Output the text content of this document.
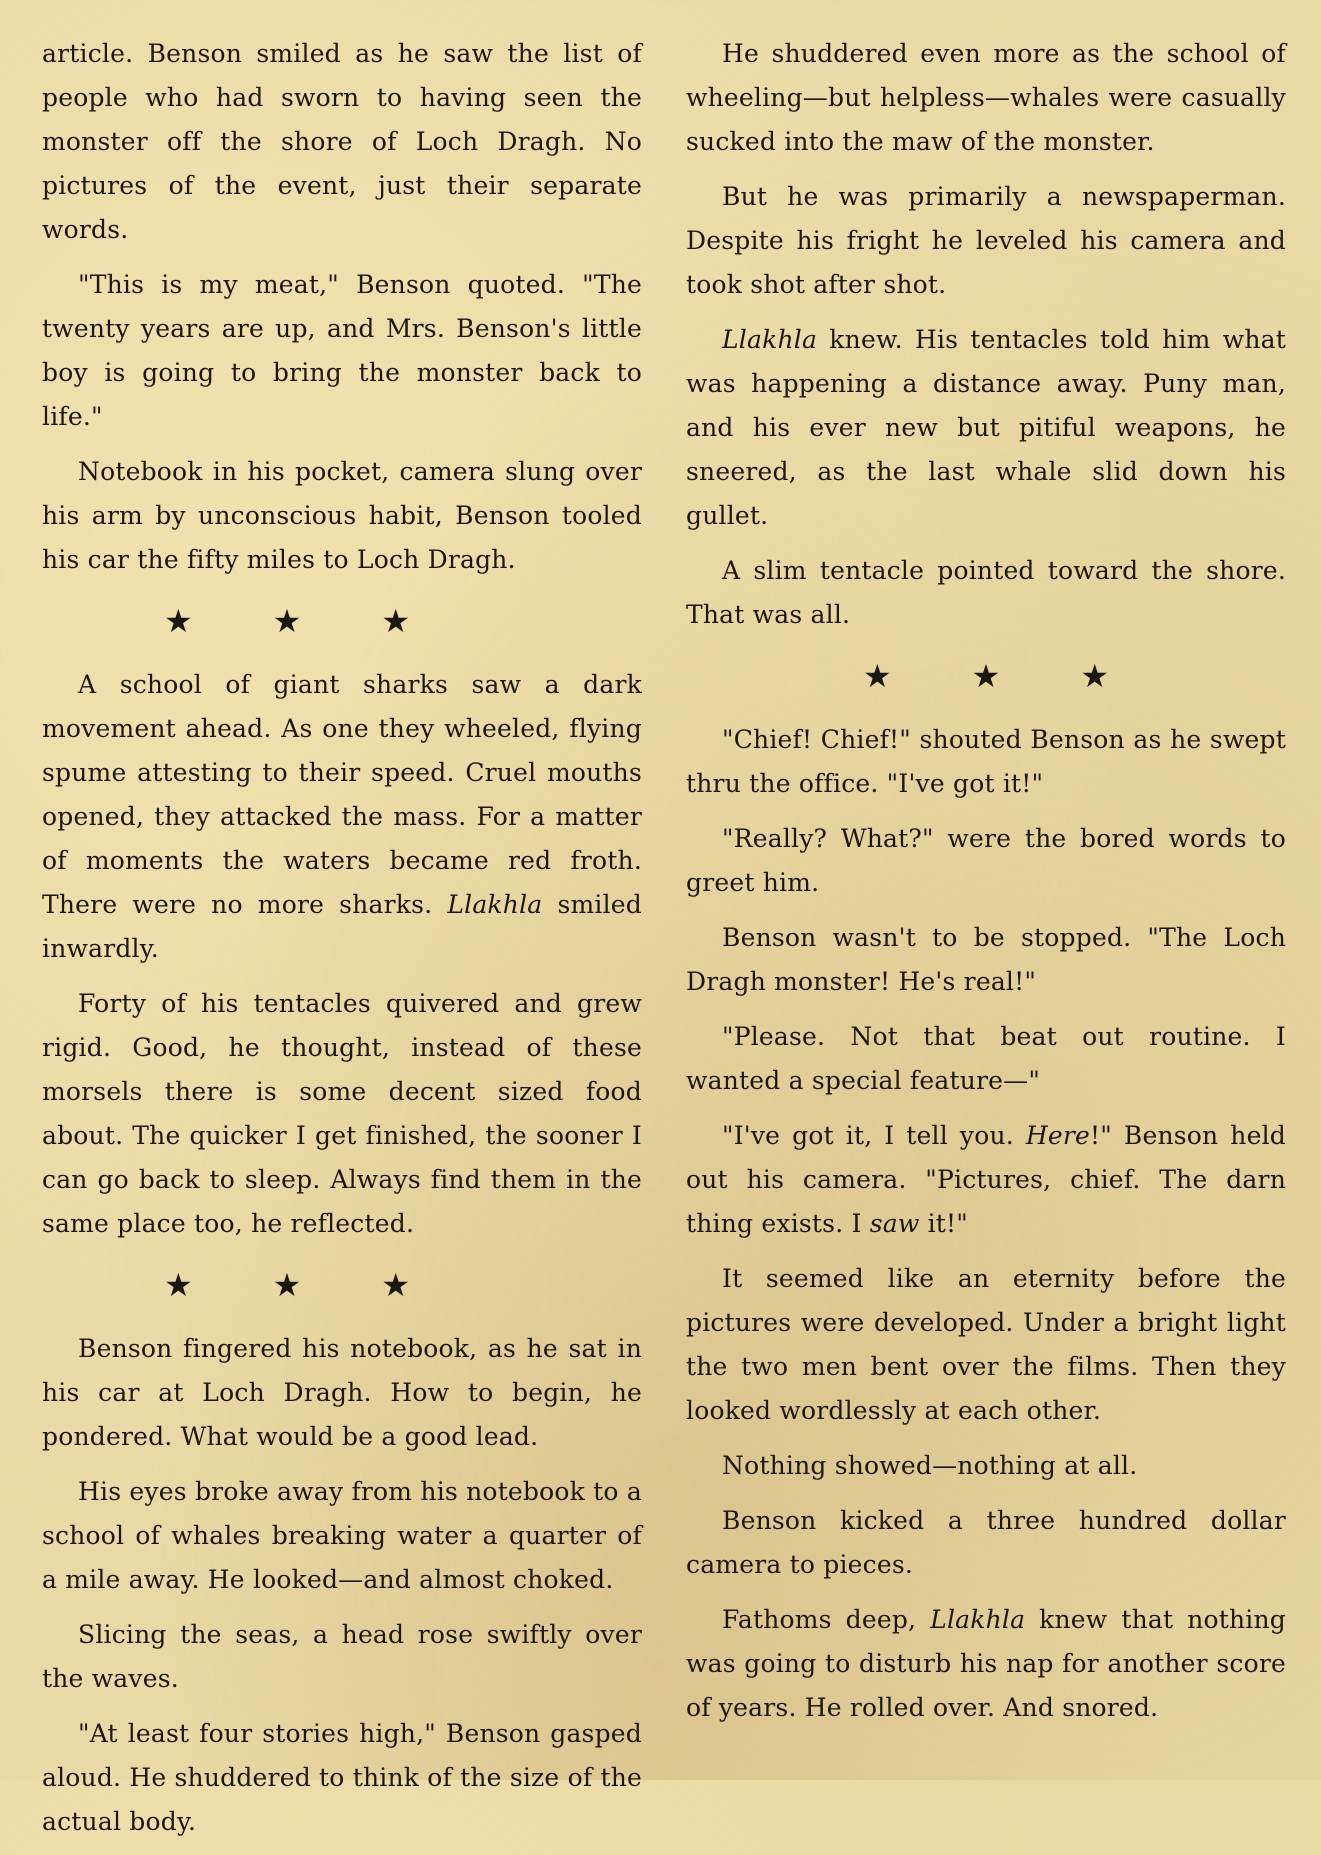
article. Benson smiled as he saw the list of people who had sworn to having seen the monster off the shore of Loch Dragh. No pictures of the event, just their separate words.

"This is my meat," Benson quoted. "The twenty years are up, and Mrs. Benson's little boy is going to bring the monster back to life."

Notebook in his pocket, camera slung over his arm by unconscious habit, Benson tooled his car the fifty miles to Loch Dragh.

★	★	★

A school of giant sharks saw a dark movement ahead. As one they wheeled, flying spume attesting to their speed. Cruel mouths opened, they attacked the mass. For a matter of moments the waters became red froth. There were no more sharks. Llakhla smiled inwardly.

Forty of his tentacles quivered and grew rigid. Good, he thought, instead of these morsels there is some decent sized food about. The quicker I get finished, the sooner I can go back to sleep. Always find them in the same place too, he reflected.

★	★	★

Benson fingered his notebook, as he sat in his car at Loch Dragh. How to begin, he pondered. What would be a good lead.

His eyes broke away from his notebook to a school of whales breaking water a quarter of a mile away. He looked—and almost choked.

Slicing the seas, a head rose swiftly over the waves.

"At least four stories high," Benson gasped aloud. He shuddered to think of the size of the actual body.

He shuddered even more as the school of wheeling—but helpless—whales were casually sucked into the maw of the monster.

But he was primarily a newspaperman. Despite his fright he leveled his camera and took shot after shot.

Llakhla knew. His tentacles told him what was happening a distance away. Puny man, and his ever new but pitiful weapons, he sneered, as the last whale slid down his gullet.

A slim tentacle pointed toward the shore. That was all.

★	★	★

"Chief! Chief!" shouted Benson as he swept thru the office. "I've got it!"

"Really? What?" were the bored words to greet him.

Benson wasn't to be stopped. "The Loch Dragh monster! He's real!"

"Please. Not that beat out routine. I wanted a special feature—"

"I've got it, I tell you. Here!" Benson held out his camera. "Pictures, chief. The darn thing exists. I saw it!"

It seemed like an eternity before the pictures were developed. Under a bright light the two men bent over the films. Then they looked wordlessly at each other.

Nothing showed—nothing at all.

Benson kicked a three hundred dollar camera to pieces.

Fathoms deep, Llakhla knew that nothing was going to disturb his nap for another score of years. He rolled over. And snored.
